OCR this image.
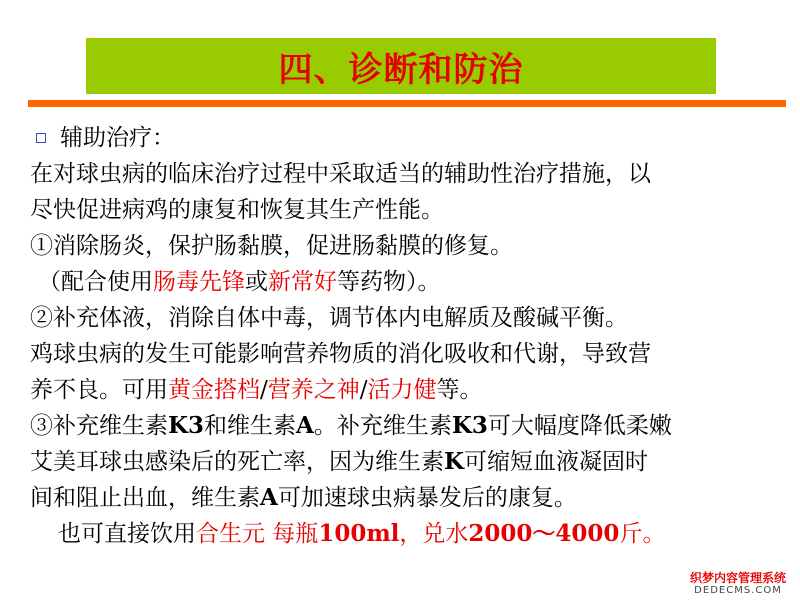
四、诊断和防治
辅助治疗：
在对球虫病的临床治疗过程中采取适当的辅助性治疗措施，以
尽快促进病鸡的康复和恢复其生产性能。
①消除肠炎，保护肠黏膜，促进肠黏膜的修复。
（配合使用肠毒先锋或新常好等药物）。
②补充体液，消除自体中毒，调节体内电解质及酸碱平衡。
鸡球虫病的发生可能影响营养物质的消化吸收和代谢，导致营
养不良。可用黄金搭档/营养之神/活力健等。
③补充维生素K3和维生素A。补充维生素K3可大幅度降低柔嫩
艾美耳球虫感染后的死亡率，因为维生素K可缩短血液凝固时
间和阻止出血，维生素A可加速球虫病暴发后的康复。
也可直接饮用合生元 每瓶100ml，兑水2000～4000斤。
织梦内容管理系统
DEDECMS.COM
